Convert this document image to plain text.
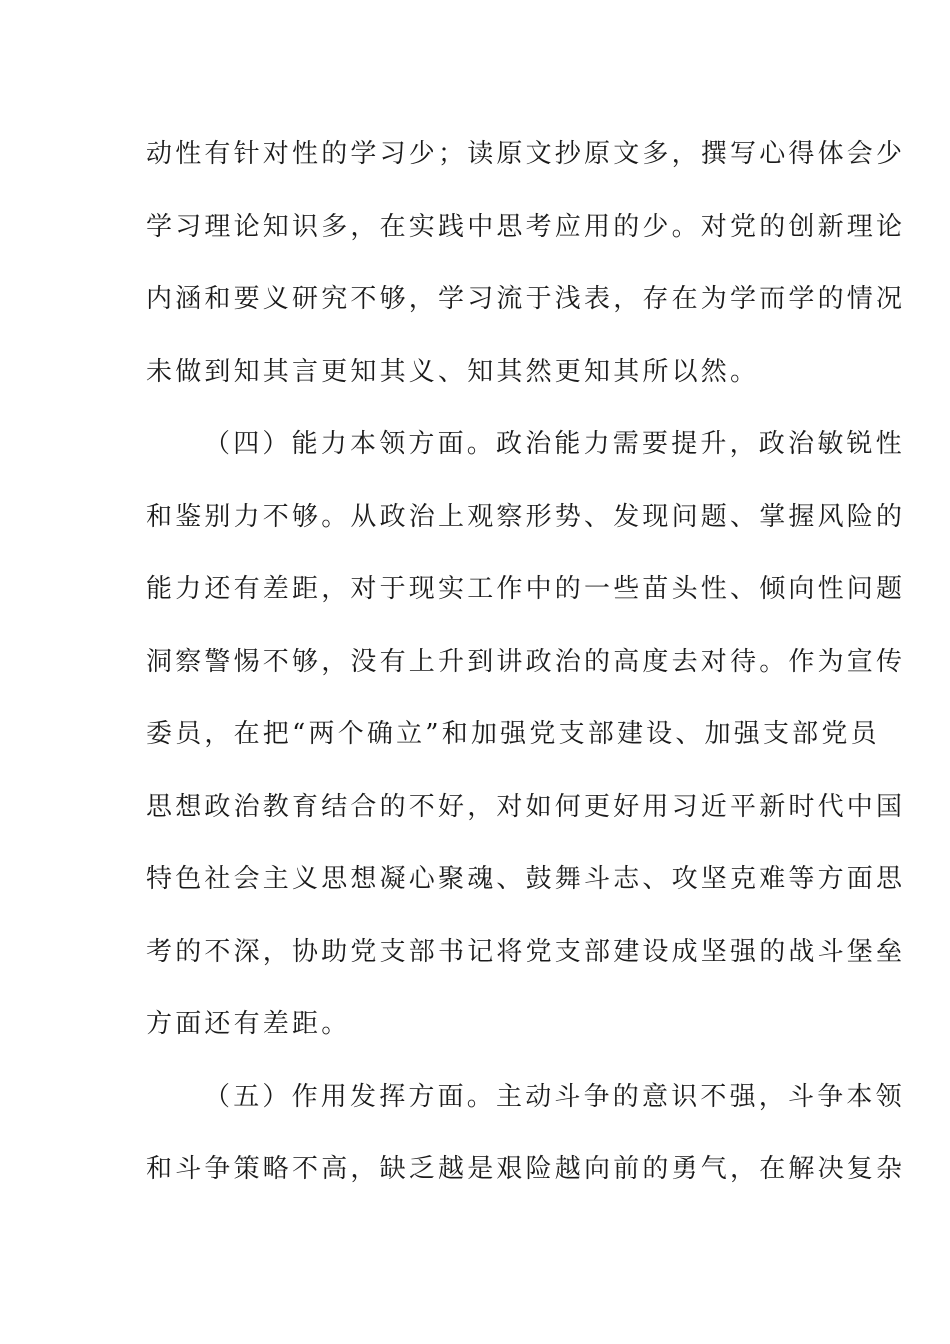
动性有针对性的学习少；读原文抄原文多，撰写心得体会少
学习理论知识多，在实践中思考应用的少。对党的创新理论
内涵和要义研究不够，学习流于浅表，存在为学而学的情况
未做到知其言更知其义、知其然更知其所以然。
（四）能力本领方面。政治能力需要提升，政治敏锐性
和鉴别力不够。从政治上观察形势、发现问题、掌握风险的
能力还有差距，对于现实工作中的一些苗头性、倾向性问题
洞察警惕不够，没有上升到讲政治的高度去对待。作为宣传
委员，在把“两个确立”和加强党支部建设、加强支部党员
思想政治教育结合的不好，对如何更好用习近平新时代中国
特色社会主义思想凝心聚魂、鼓舞斗志、攻坚克难等方面思
考的不深，协助党支部书记将党支部建设成坚强的战斗堡垒
方面还有差距。
（五）作用发挥方面。主动斗争的意识不强，斗争本领
和斗争策略不高，缺乏越是艰险越向前的勇气，在解决复杂
